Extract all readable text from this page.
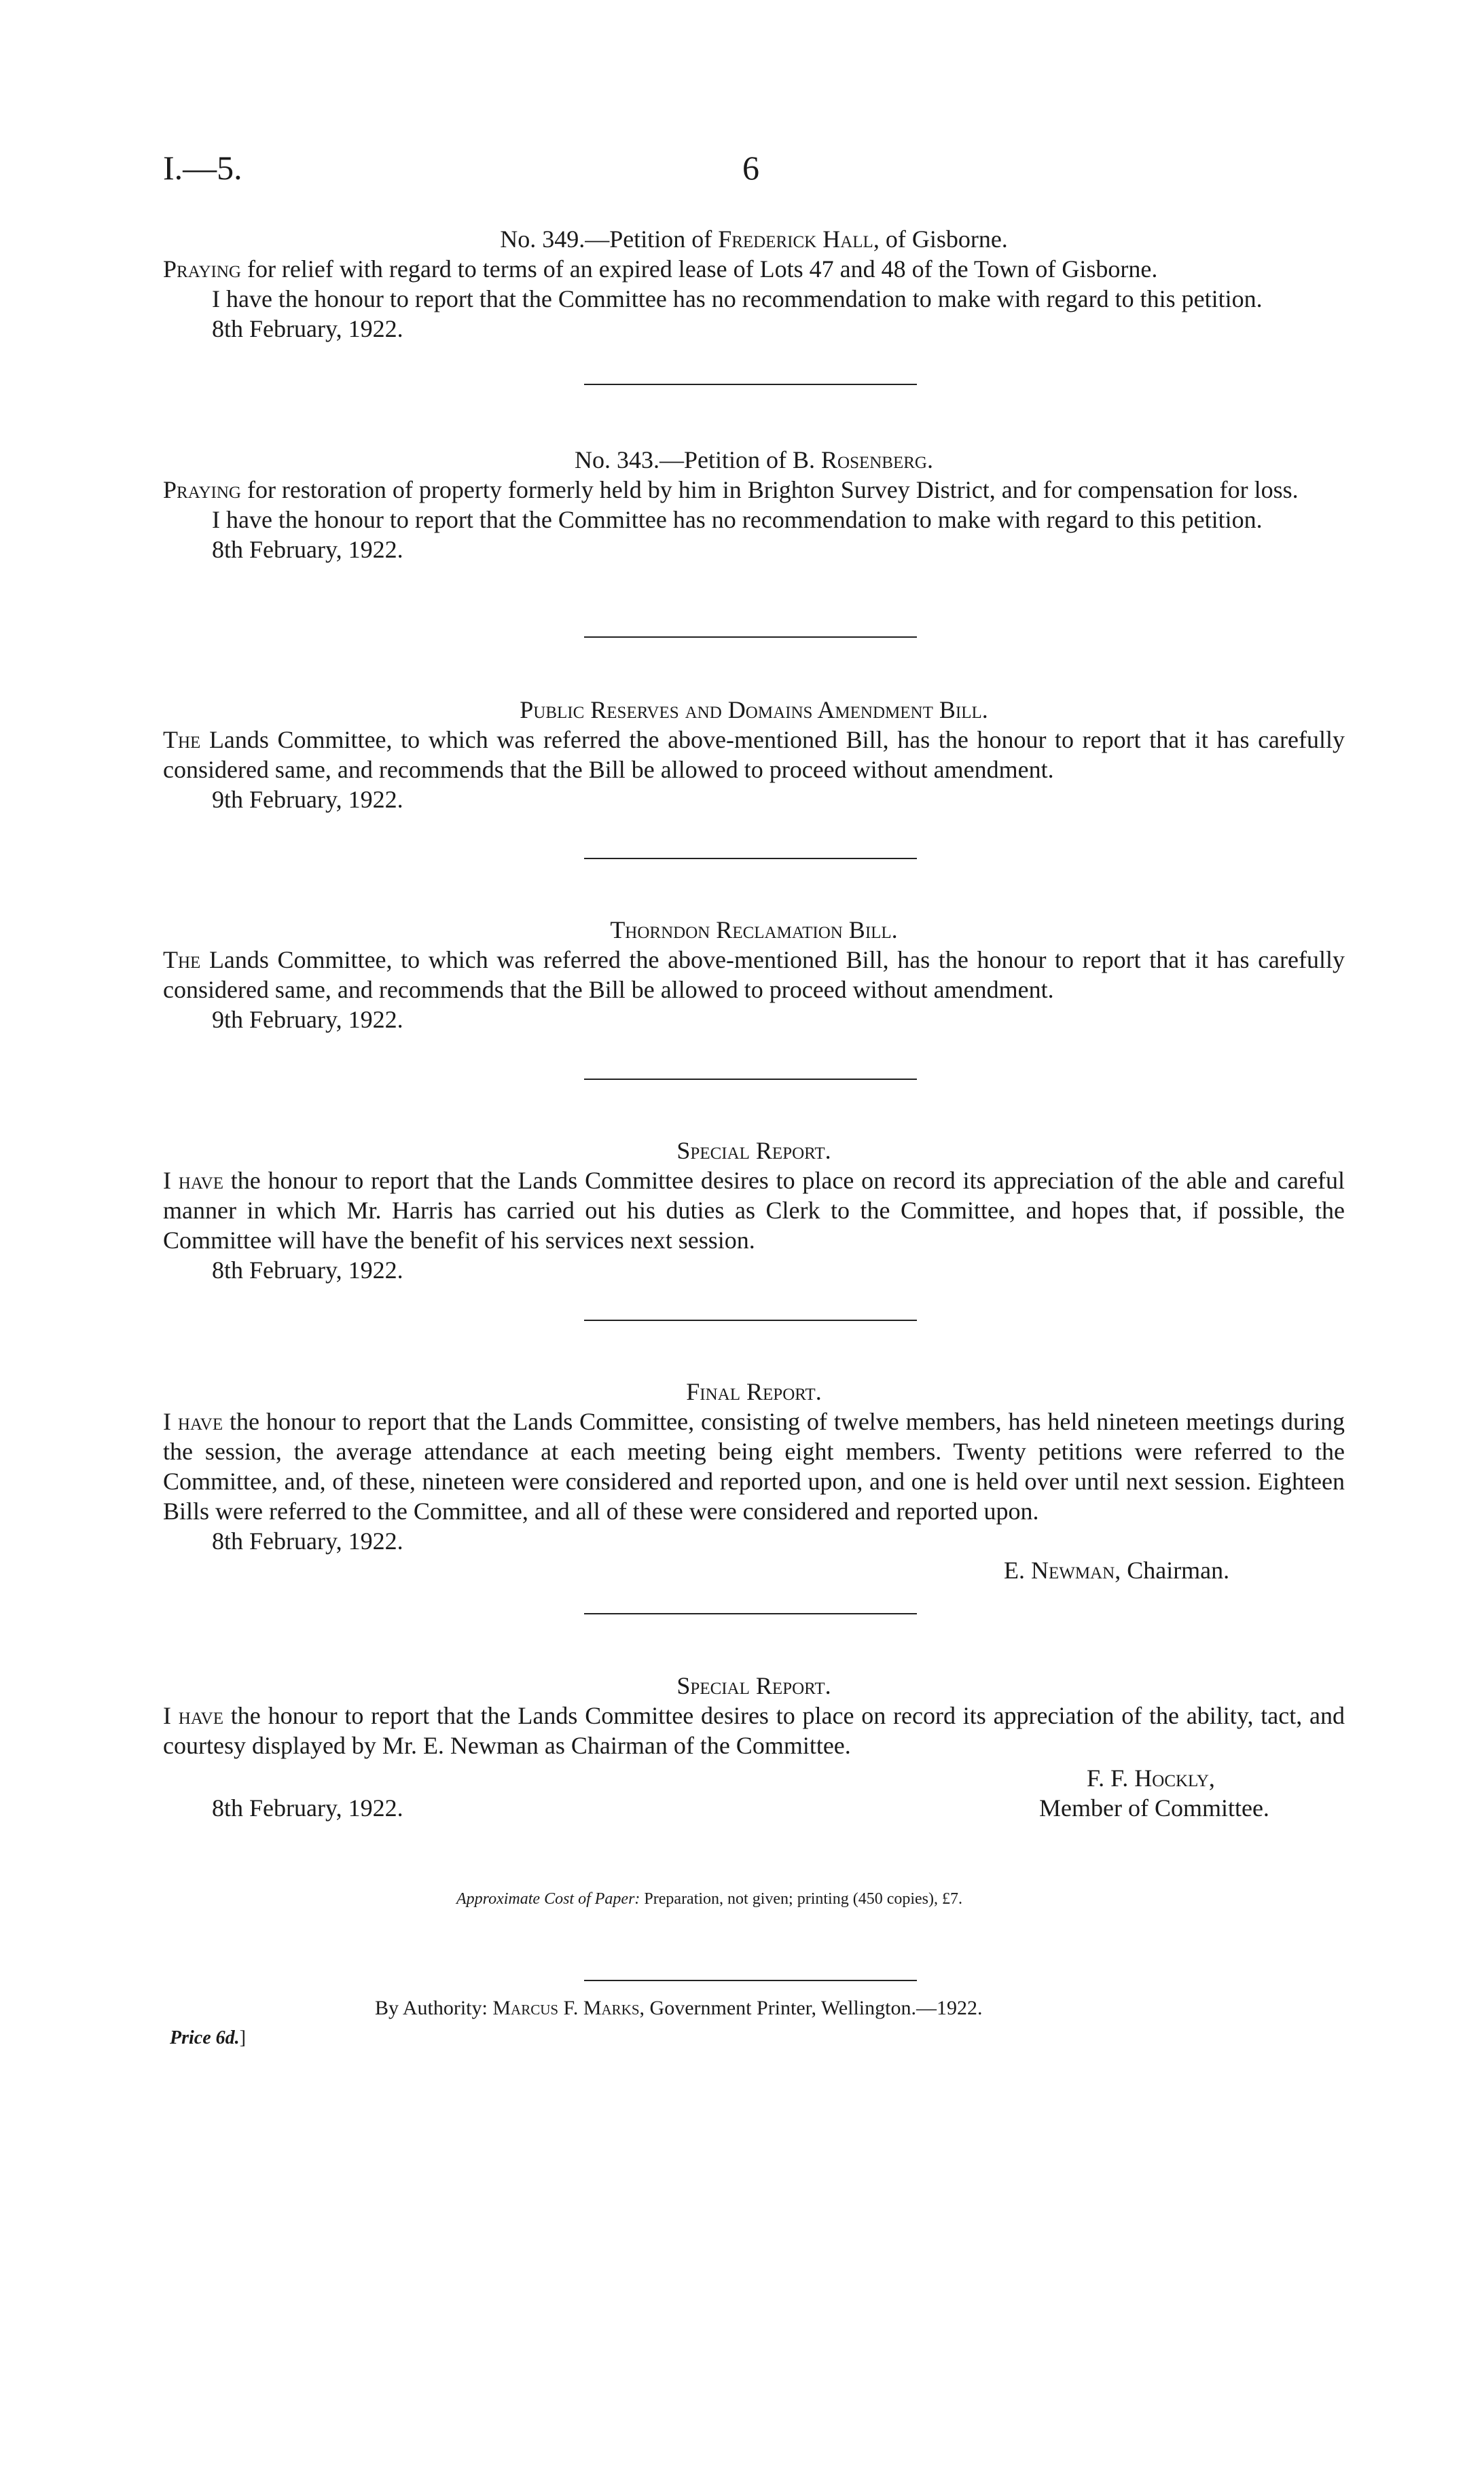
I.—5.	6
No. 349.—Petition of Frederick Hall, of Gisborne.

Praying for relief with regard to terms of an expired lease of Lots 47 and 48 of the Town of Gisborne.

I have the honour to report that the Committee has no recommendation to make with regard to this petition.

8th February, 1922.

No. 343.—Petition of B. Rosenberg.

Praying for restoration of property formerly held by him in Brighton Survey District, and for compensation for loss.

I have the honour to report that the Committee has no recommendation to make with regard to this petition.

8th February, 1922.

Public Reserves and Domains Amendment Bill.

The Lands Committee, to which was referred the above-mentioned Bill, has the honour to report that it has carefully considered same, and recommends that the Bill be allowed to proceed without amendment.

9th February, 1922.

Thorndon Reclamation Bill.

The Lands Committee, to which was referred the above-mentioned Bill, has the honour to report that it has carefully considered same, and recommends that the Bill be allowed to proceed without amendment.

9th February, 1922.

Special Report.

I have the honour to report that the Lands Committee desires to place on record its appreciation of the able and careful manner in which Mr. Harris has carried out his duties as Clerk to the Committee, and hopes that, if possible, the Committee will have the benefit of his services next session.

8th February, 1922.

Final Report.

I have the honour to report that the Lands Committee, consisting of twelve members, has held nineteen meetings during the session, the average attendance at each meeting being eight members. Twenty petitions were referred to the Committee, and, of these, nineteen were considered and reported upon, and one is held over until next session. Eighteen Bills were referred to the Committee, and all of these were considered and reported upon.

8th February, 1922.

E. Newman, Chairman.
Special Report.

I have the honour to report that the Lands Committee desires to place on record its appreciation of the ability, tact, and courtesy displayed by Mr. E. Newman as Chairman of the Committee.

F. F. Hockly,
Member of Committee.
8th February, 1922.
Approximate Cost of Paper: Preparation, not given; printing (450 copies), £7.
By Authority: Marcus F. Marks, Government Printer, Wellington.—1922.
Price 6d.]
